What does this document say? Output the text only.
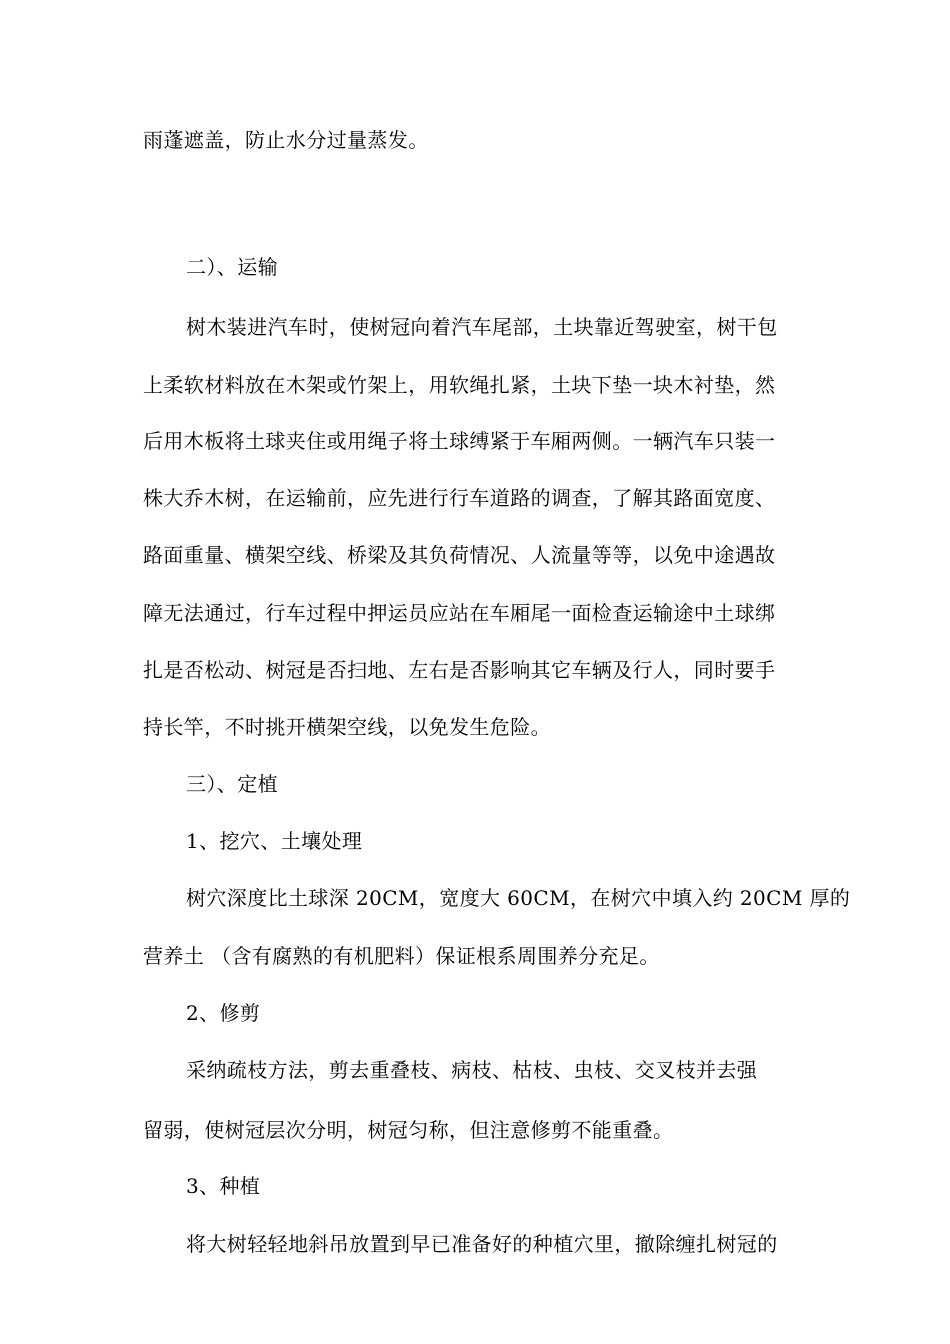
雨蓬遮盖，防止水分过量蒸发。
二）、运输
树木装进汽车时，使树冠向着汽车尾部，土块靠近驾驶室，树干包
上柔软材料放在木架或竹架上，用软绳扎紧，土块下垫一块木衬垫，然
后用木板将土球夹住或用绳子将土球缚紧于车厢两侧。一辆汽车只装一
株大乔木树，在运输前，应先进行行车道路的调查，了解其路面宽度、
路面重量、横架空线、桥梁及其负荷情况、人流量等等，以免中途遇故
障无法通过，行车过程中押运员应站在车厢尾一面检查运输途中土球绑
扎是否松动、树冠是否扫地、左右是否影响其它车辆及行人，同时要手
持长竿，不时挑开横架空线，以免发生危险。
三）、定植
1、挖穴、土壤处理
树穴深度比土球深 20CM，宽度大 60CM，在树穴中填入约 20CM 厚的
营养土 （含有腐熟的有机肥料）保证根系周围养分充足。
2、修剪
采纳疏枝方法，剪去重叠枝、病枝、枯枝、虫枝、交叉枝并去强
留弱，使树冠层次分明，树冠匀称，但注意修剪不能重叠。
3、种植
将大树轻轻地斜吊放置到早已准备好的种植穴里，撤除缠扎树冠的
